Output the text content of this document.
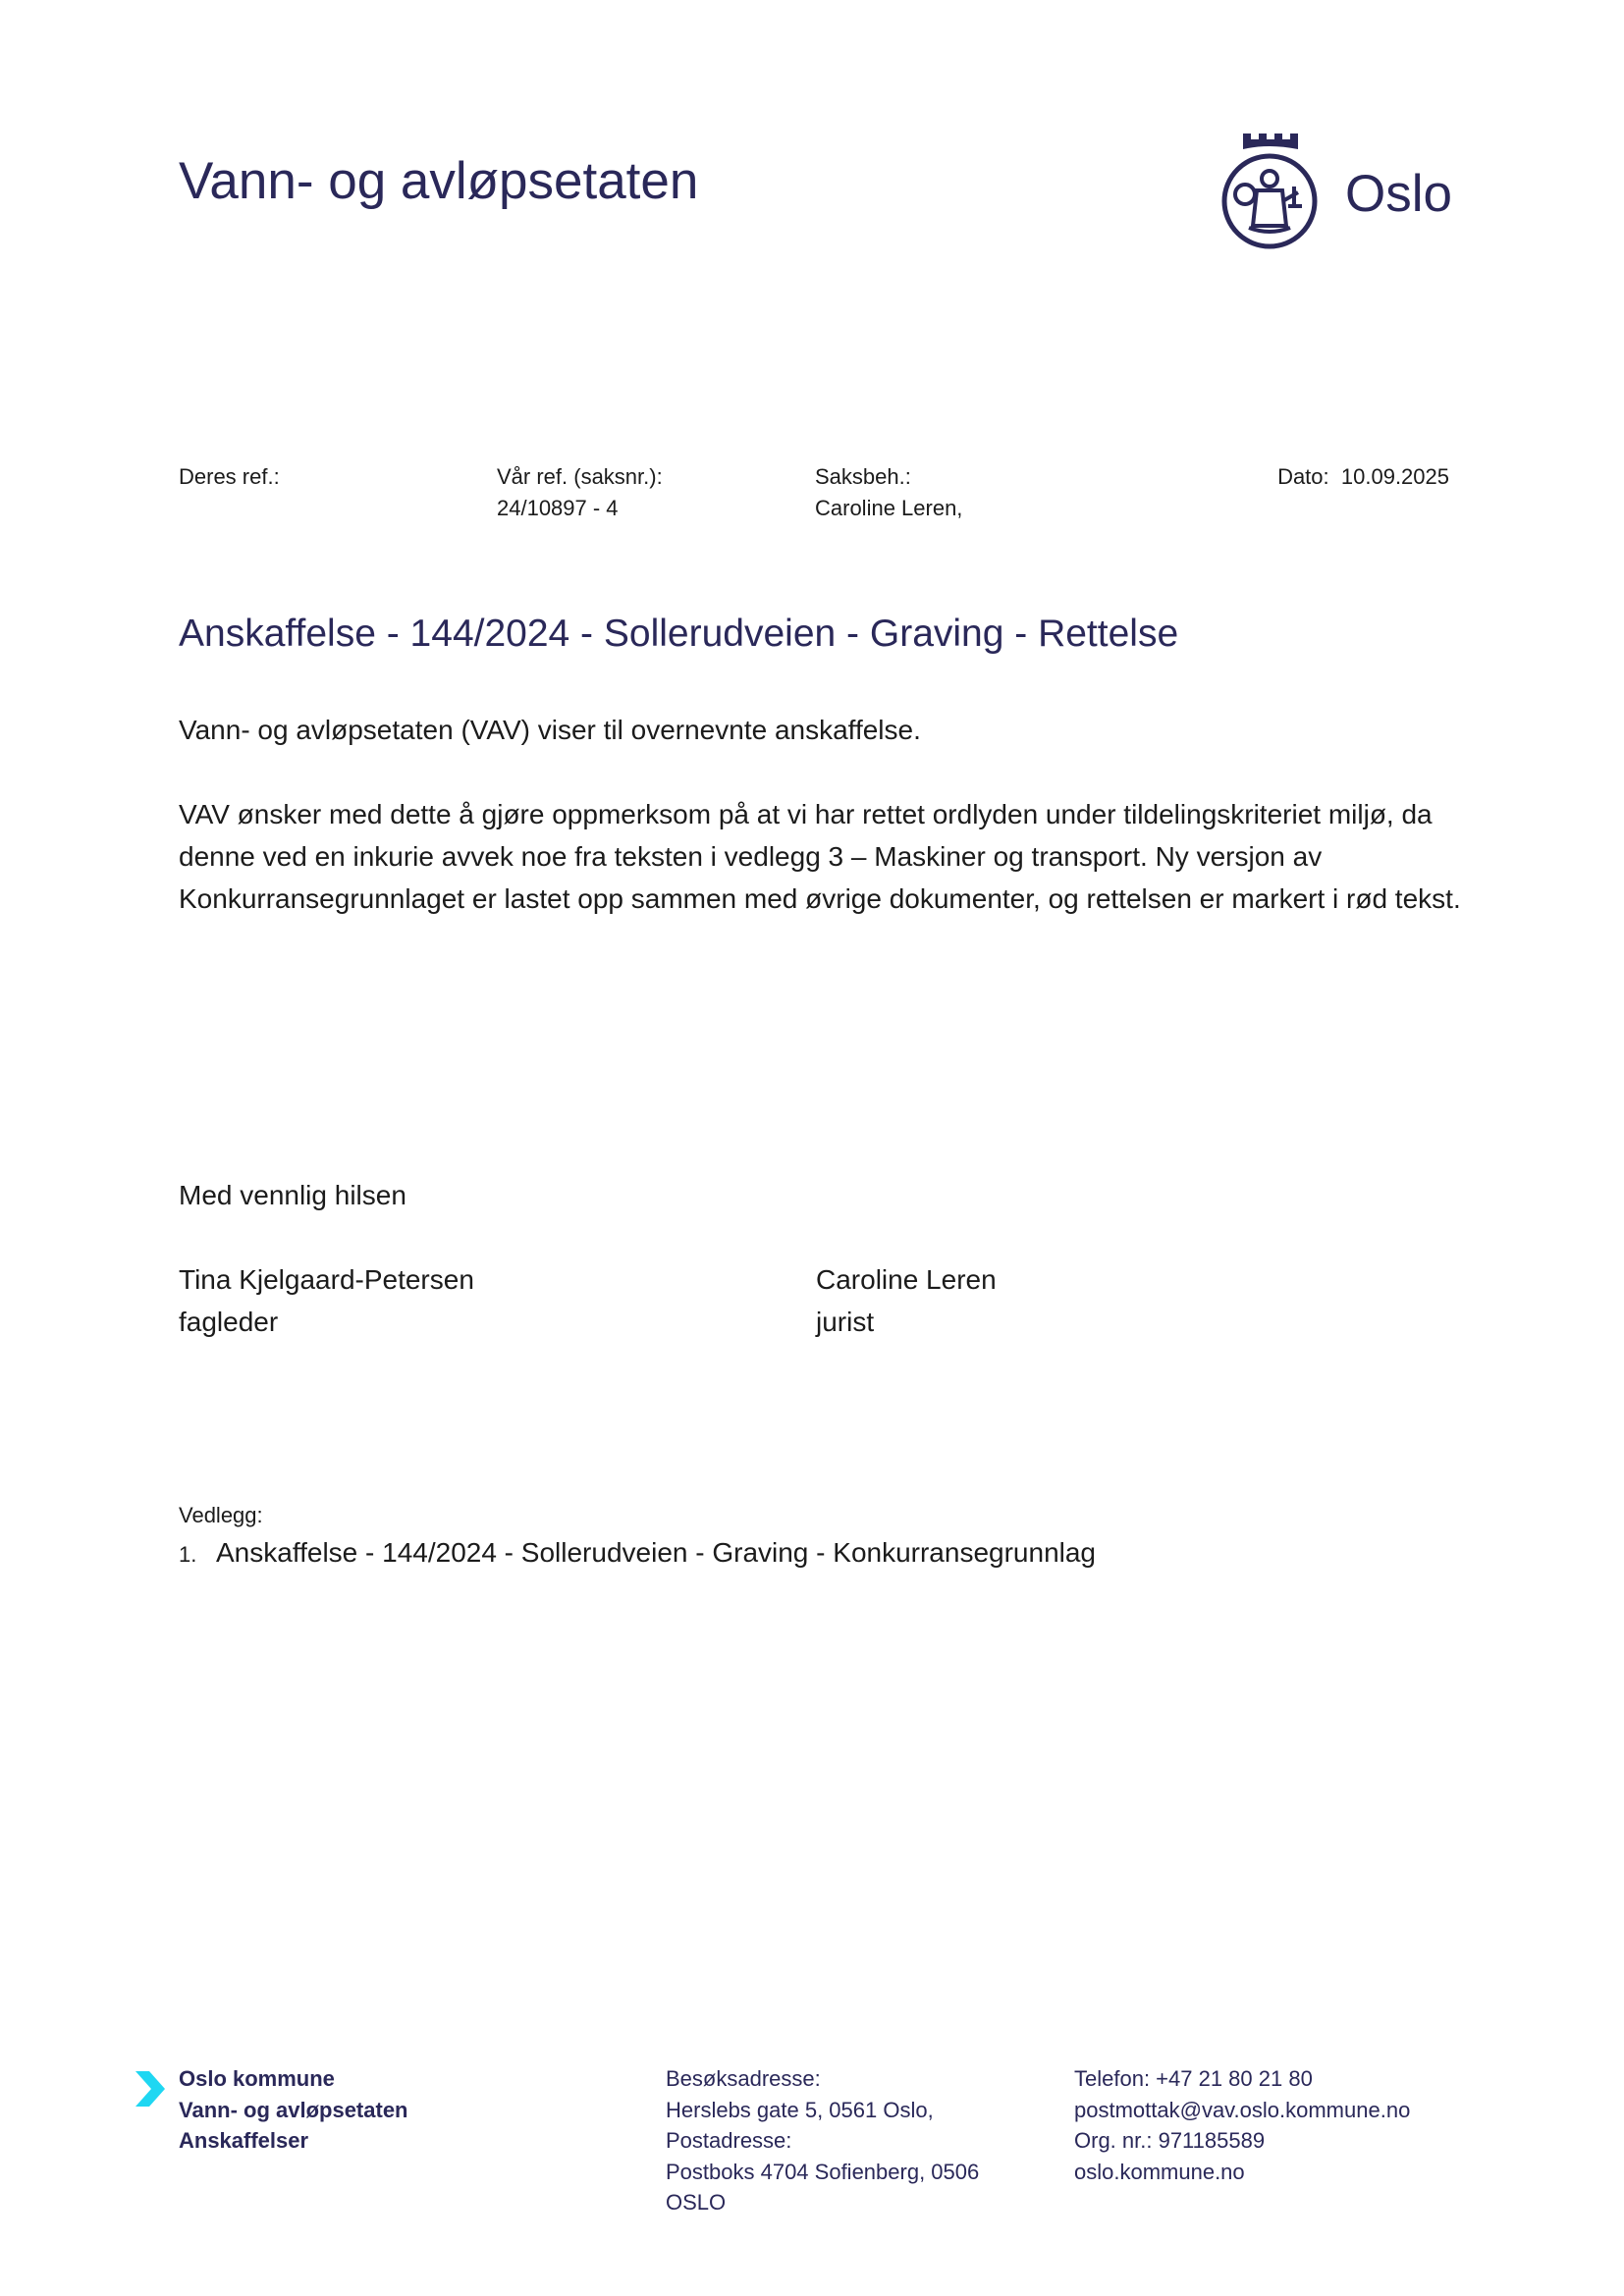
Vann- og avløpsetaten	Oslo
Deres ref.:	Vår ref. (saksnr.):
24/10897 - 4
Saksbeh.:
Caroline Leren,
Dato: 10.09.2025
Anskaffelse - 144/2024 - Sollerudveien - Graving - Rettelse
Vann- og avløpsetaten (VAV) viser til overnevnte anskaffelse.
VAV ønsker med dette å gjøre oppmerksom på at vi har rettet ordlyden under tildelingskriteriet miljø, da denne ved en inkurie avvek noe fra teksten i vedlegg 3 – Maskiner og transport. Ny versjon av Konkurransegrunnlaget er lastet opp sammen med øvrige dokumenter, og rettelsen er markert i rød tekst.
Med vennlig hilsen
Tina Kjelgaard-Petersen
fagleder
Caroline Leren
jurist
Vedlegg:
1. Anskaffelse - 144/2024 - Sollerudveien - Graving - Konkurransegrunnlag
Oslo kommune
Vann- og avløpsetaten
Anskaffelser
Besøksadresse:
Herslebs gate 5, 0561 Oslo,
Postadresse:
Postboks 4704 Sofienberg, 0506
OSLO
Telefon: +47 21 80 21 80
postmottak@vav.oslo.kommune.no
Org. nr.: 971185589
oslo.kommune.no
